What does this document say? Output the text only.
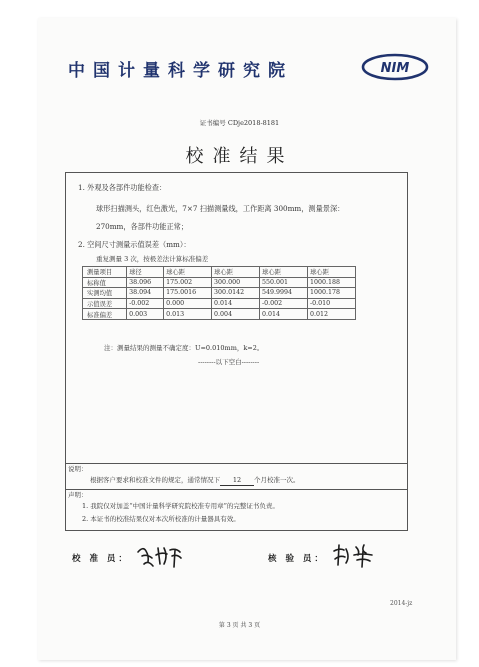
中国计量科学研究院	NIM
证书编号 CDje2018-8181
校准结果
1. 外观及各部件功能检查：
球形扫描测头，红色激光，7×7 扫描测量线，工作距离 300mm，测量景深：
270mm，各部件功能正常；
2. 空间尺寸测量示值误差（mm）：
重复测量 3 次，按极差法计算标准偏差
测量项目	球径	球心距	球心距	球心距	球心距
标称值	38.096	175.002	300.000	550.001	1000.188
实测均值	38.094	175.0016	300.0142	549.9994	1000.178
示值误差	-0.002	0.000	0.014	-0.002	-0.010
标准偏差	0.003	0.013	0.004	0.014	0.012
注：测量结果的测量不确定度：U=0.010mm，k=2。
--------以下空白--------
说明：
根据客户要求和校准文件的规定，通常情况下 12 个月校准一次。
声明：
1. 我院仅对加盖“中国计量科学研究院校准专用章”的完整证书负责。
2. 本证书的校准结果仅对本次所校准的计量器具有效。
校 准 员：	核 验 员：
2014-jz
第 3 页 共 3 页
